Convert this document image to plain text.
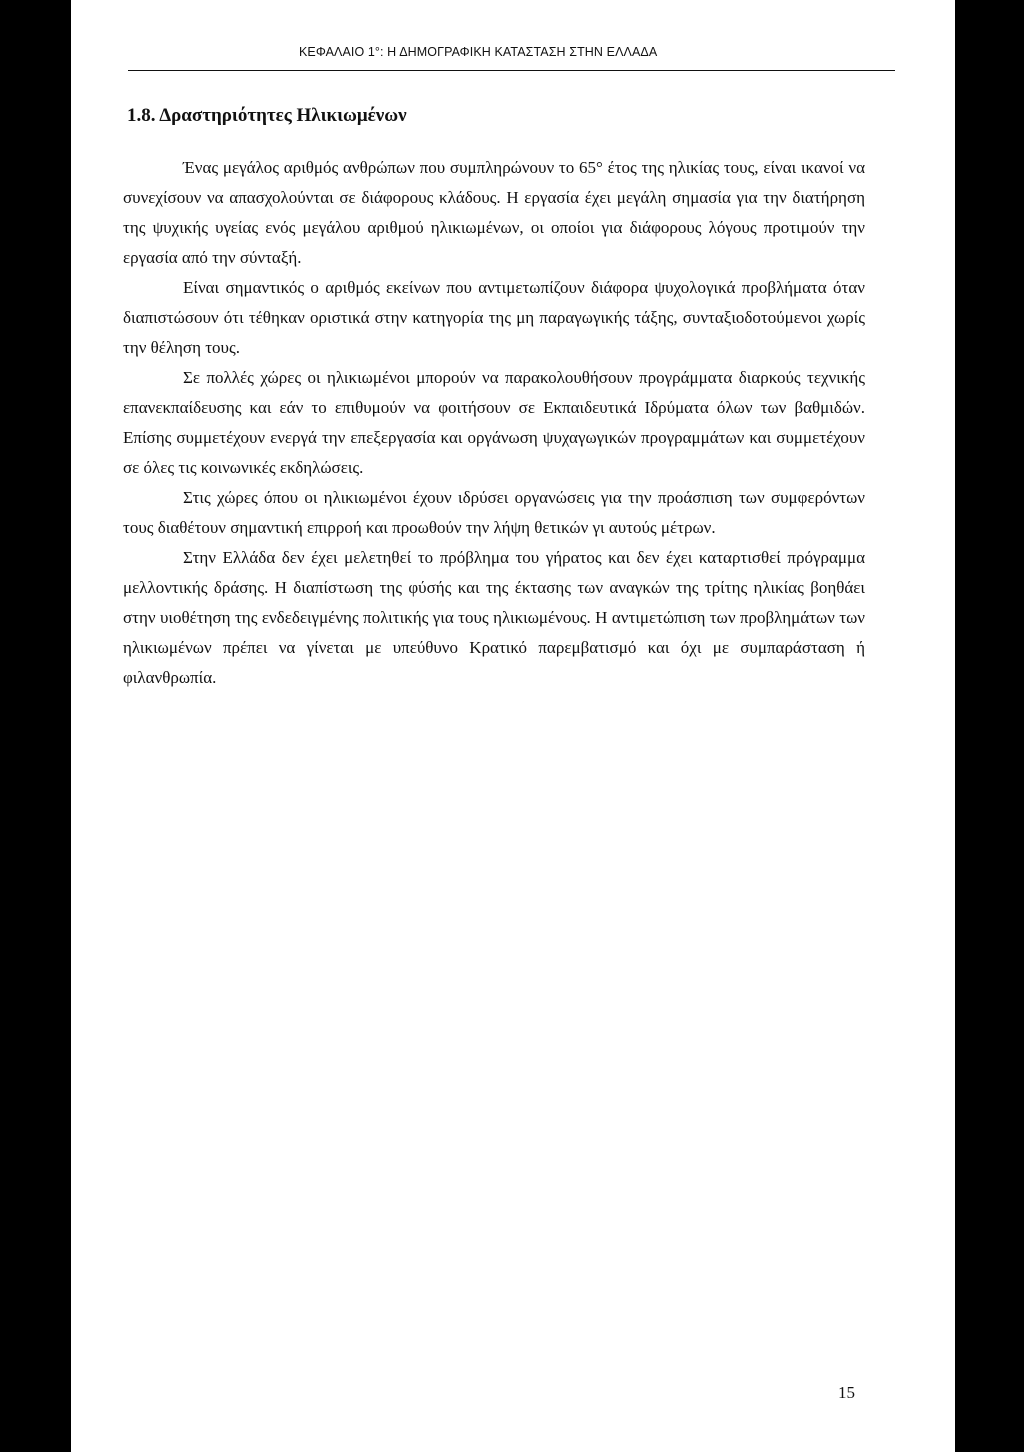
ΚΕΦΑΛΑΙΟ 1°: Η ΔΗΜΟΓΡΑΦΙΚΗ ΚΑΤΑΣΤΑΣΗ ΣΤΗΝ ΕΛΛΑΔΑ
1.8. Δραστηριότητες Ηλικιωμένων

Ένας μεγάλος αριθμός ανθρώπων που συμπληρώνουν το 65° έτος της ηλικίας τους, είναι ικανοί να συνεχίσουν να απασχολούνται σε διάφορους κλάδους. Η εργασία έχει μεγάλη σημασία για την διατήρηση της ψυχικής υγείας ενός μεγάλου αριθμού ηλικιωμένων, οι οποίοι για διάφορους λόγους προτιμούν την εργασία από την σύνταξή.

Είναι σημαντικός ο αριθμός εκείνων που αντιμετωπίζουν διάφορα ψυχολογικά προβλήματα όταν διαπιστώσουν ότι τέθηκαν οριστικά στην κατηγορία της μη παραγωγικής τάξης, συνταξιοδοτούμενοι χωρίς την θέληση τους.

Σε πολλές χώρες οι ηλικιωμένοι μπορούν να παρακολουθήσουν προγράμματα διαρκούς τεχνικής επανεκπαίδευσης και εάν το επιθυμούν να φοιτήσουν σε Εκπαιδευτικά Ιδρύματα όλων των βαθμιδών. Επίσης συμμετέχουν ενεργά την επεξεργασία και οργάνωση ψυχαγωγικών προγραμμάτων και συμμετέχουν σε όλες τις κοινωνικές εκδηλώσεις.

Στις χώρες όπου οι ηλικιωμένοι έχουν ιδρύσει οργανώσεις για την προάσπιση των συμφερόντων τους διαθέτουν σημαντική επιρροή και προωθούν την λήψη θετικών γι αυτούς μέτρων.

Στην Ελλάδα δεν έχει μελετηθεί το πρόβλημα του γήρατος και δεν έχει καταρτισθεί πρόγραμμα μελλοντικής δράσης. Η διαπίστωση της φύσής και της έκτασης των αναγκών της τρίτης ηλικίας βοηθάει στην υιοθέτηση της ενδεδειγμένης πολιτικής για τους ηλικιωμένους. Η αντιμετώπιση των προβλημάτων των ηλικιωμένων πρέπει να γίνεται με υπεύθυνο Κρατικό παρεμβατισμό και όχι με συμπαράσταση ή φιλανθρωπία.

15
